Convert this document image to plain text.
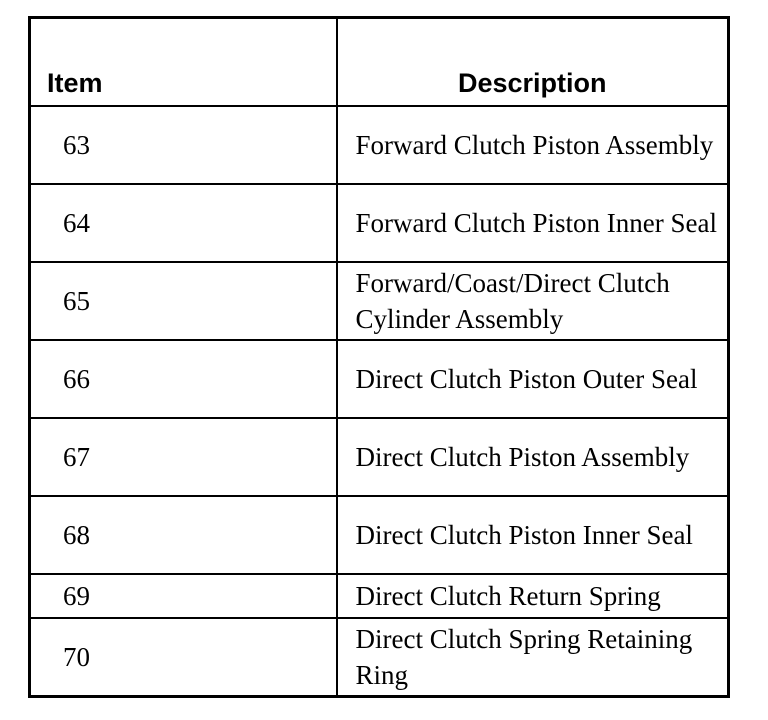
Item	Description
63	Forward Clutch Piston Assembly
64	Forward Clutch Piston Inner Seal
65	Forward/Coast/Direct Clutch Cylinder Assembly
66	Direct Clutch Piston Outer Seal
67	Direct Clutch Piston Assembly
68	Direct Clutch Piston Inner Seal
69	Direct Clutch Return Spring
70	Direct Clutch Spring Retaining Ring
